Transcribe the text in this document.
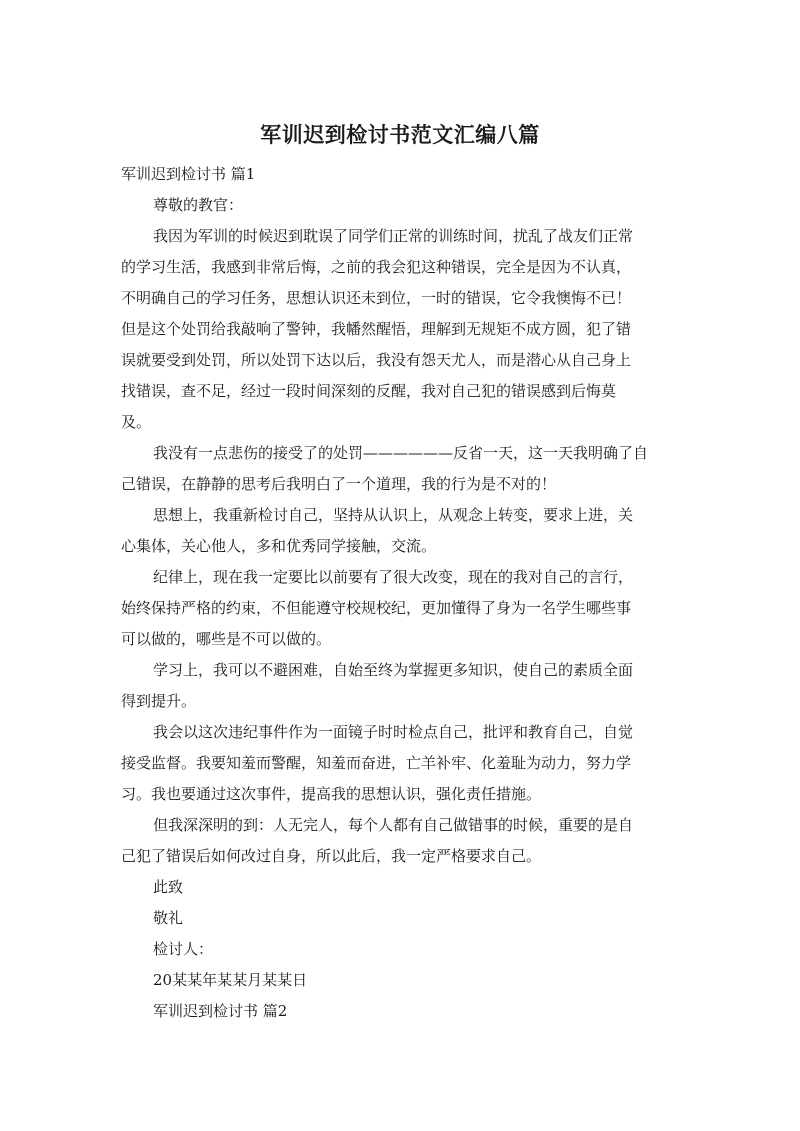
军训迟到检讨书范文汇编八篇

军训迟到检讨书 篇1

尊敬的教官：

我因为军训的时候迟到耽误了同学们正常的训练时间，扰乱了战友们正常

的学习生活，我感到非常后悔，之前的我会犯这种错误，完全是因为不认真，

不明确自己的学习任务，思想认识还未到位，一时的错误，它令我懊悔不已！

但是这个处罚给我敲响了警钟，我幡然醒悟，理解到无规矩不成方圆，犯了错

误就要受到处罚，所以处罚下达以后，我没有怨天尤人，而是潜心从自己身上

找错误，查不足，经过一段时间深刻的反醒，我对自己犯的错误感到后悔莫

及。

我没有一点悲伤的接受了的处罚——————反省一天，这一天我明确了自

己错误，在静静的思考后我明白了一个道理，我的行为是不对的！

思想上，我重新检讨自己，坚持从认识上，从观念上转变，要求上进，关

心集体，关心他人，多和优秀同学接触，交流。

纪律上，现在我一定要比以前要有了很大改变，现在的我对自己的言行，

始终保持严格的约束，不但能遵守校规校纪，更加懂得了身为一名学生哪些事

可以做的，哪些是不可以做的。

学习上，我可以不避困难，自始至终为掌握更多知识，使自己的素质全面

得到提升。

我会以这次违纪事件作为一面镜子时时检点自己，批评和教育自己，自觉

接受监督。我要知羞而警醒，知羞而奋进，亡羊补牢、化羞耻为动力，努力学

习。我也要通过这次事件，提高我的思想认识，强化责任措施。

但我深深明的到：人无完人，每个人都有自己做错事的时候，重要的是自

己犯了错误后如何改过自身，所以此后，我一定严格要求自己。

此致

敬礼

检讨人：

20某某年某某月某某日

军训迟到检讨书 篇2
